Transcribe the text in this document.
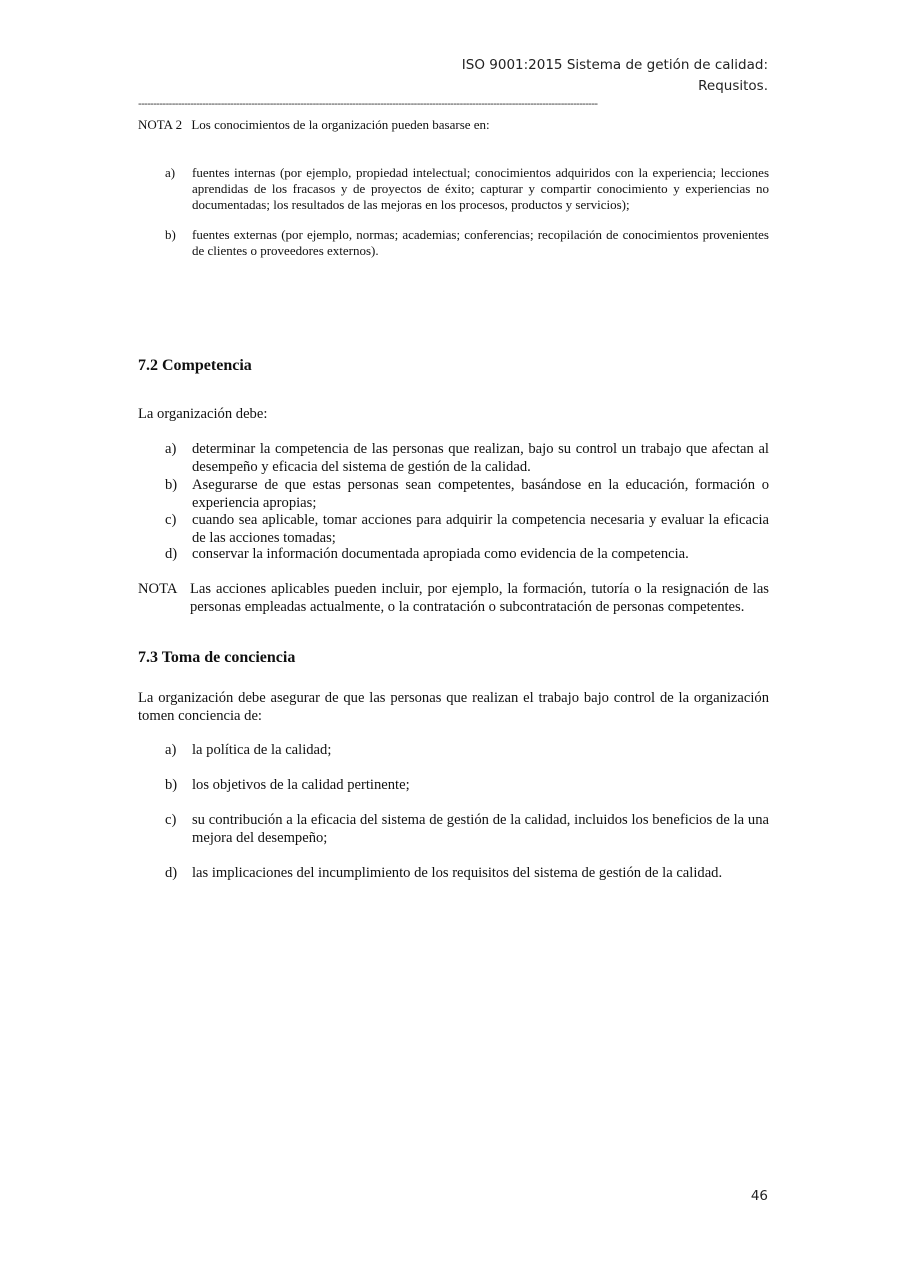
ISO 9001:2015 Sistema de getión de calidad:
Requsitos.
------------------------------------------------------------------------------------------------------------------------------------------------------
NOTA 2 Los conocimientos de la organización pueden basarse en:
a) fuentes internas (por ejemplo, propiedad intelectual; conocimientos adquiridos con la experiencia; lecciones aprendidas de los fracasos y de proyectos de éxito; capturar y compartir conocimiento y experiencias no documentadas; los resultados de las mejoras en los procesos, productos y servicios);
b) fuentes externas (por ejemplo, normas; academias; conferencias; recopilación de conocimientos provenientes de clientes o proveedores externos).
7.2 Competencia
La organización debe:
a) determinar la competencia de las personas que realizan, bajo su control un trabajo que afectan al desempeño y eficacia del sistema de gestión de la calidad.
b) Asegurarse de que estas personas sean competentes, basándose en la educación, formación o experiencia apropias;
c) cuando sea aplicable, tomar acciones para adquirir la competencia necesaria y evaluar la eficacia de las acciones tomadas;
d) conservar la información documentada apropiada como evidencia de la competencia.
NOTA Las acciones aplicables pueden incluir, por ejemplo, la formación, tutoría o la resignación de las personas empleadas actualmente, o la contratación o subcontratación de personas competentes.
7.3 Toma de conciencia
La organización debe asegurar de que las personas que realizan el trabajo bajo control de la organización tomen conciencia de:
a) la política de la calidad;
b) los objetivos de la calidad pertinente;
c) su contribución a la eficacia del sistema de gestión de la calidad, incluidos los beneficios de la una mejora del desempeño;
d) las implicaciones del incumplimiento de los requisitos del sistema de gestión de la calidad.
46
